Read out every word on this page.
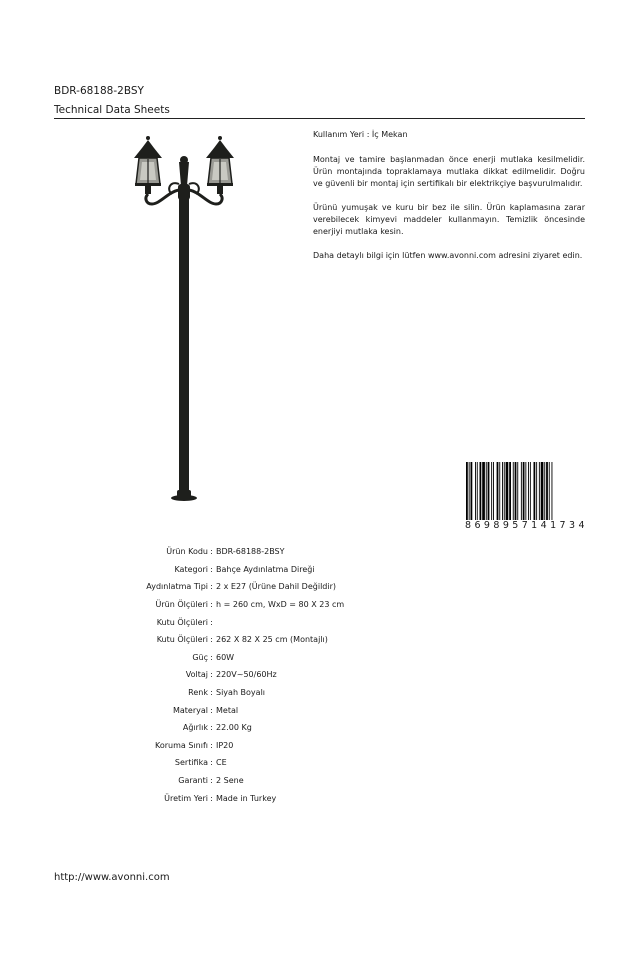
BDR-68188-2BSY
Technical Data Sheets

Kullanım Yeri : İç Mekan

Montaj ve tamire başlanmadan önce enerji mutlaka kesilmelidir. Ürün montajında topraklamaya mutlaka dikkat edilmelidir. Doğru ve güvenli bir montaj için sertifikalı bir elektrikçiye başvurulmalıdır.

Ürünü yumuşak ve kuru bir bez ile silin. Ürün kaplamasına zarar verebilecek kimyevi maddeler kullanmayın. Temizlik öncesinde enerjiyi mutlaka kesin.

Daha detaylı bilgi için lütfen www.avonni.com adresini ziyaret edin.

8 6 9 8 9 5 7 1 4 1 7 3 4
Ürün Kodu : BDR-68188-2BSY
Kategori : Bahçe Aydınlatma Direği
Aydınlatma Tipi : 2 x E27 (Ürüne Dahil Değildir)
Ürün Ölçüleri : h = 260 cm, WxD = 80 X 23 cm
Kutu Ölçüleri :
Kutu Ölçüleri : 262 X 82 X 25 cm (Montajlı)
Güç : 60W
Voltaj : 220V~50/60Hz
Renk : Siyah Boyalı
Materyal : Metal
Ağırlık : 22.00 Kg
Koruma Sınıfı : IP20
Sertifika : CE
Garanti : 2 Sene
Üretim Yeri : Made in Turkey
http://www.avonni.com
